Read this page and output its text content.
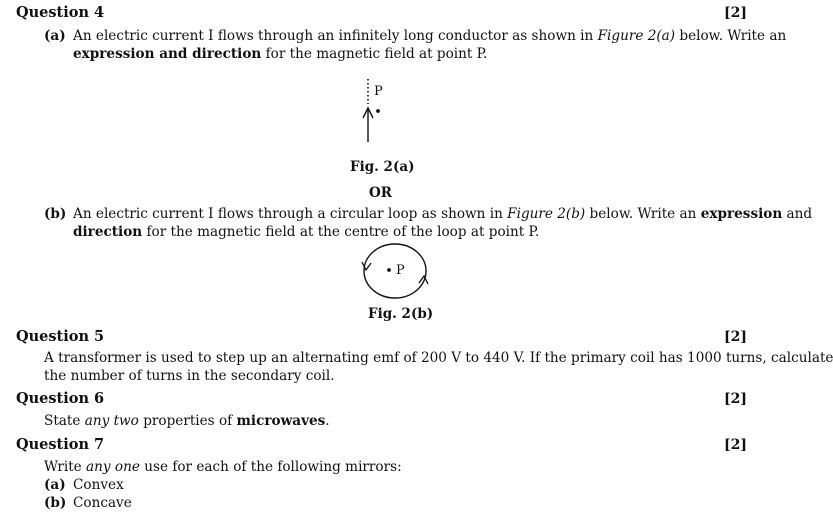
Question 4	[2]
(a) An electric current I flows through an infinitely long conductor as shown in Figure 2(a) below. Write an
expression and direction for the magnetic field at point P.
P
Fig. 2(a)
OR
(b) An electric current I flows through a circular loop as shown in Figure 2(b) below. Write an expression and
direction for the magnetic field at the centre of the loop at point P.
P
Fig. 2(b)
Question 5	[2]
A transformer is used to step up an alternating emf of 200 V to 440 V. If the primary coil has 1000 turns, calculate
the number of turns in the secondary coil.
Question 6	[2]
State any two properties of microwaves.
Question 7	[2]
Write any one use for each of the following mirrors:
(a) Convex
(b) Concave
